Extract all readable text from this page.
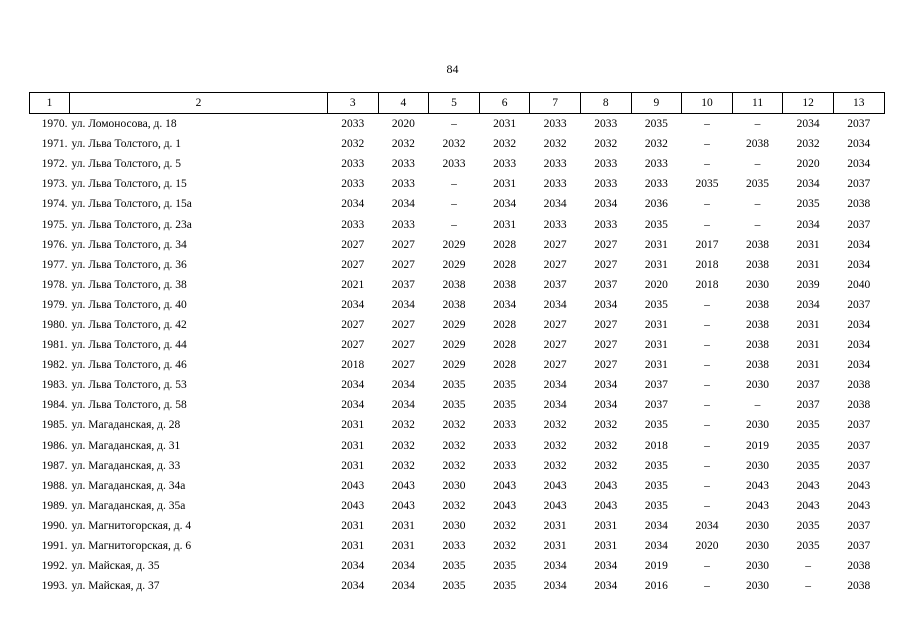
84
1	2	3	4	5	6	7	8	9	10	11	12	13
1970.	ул. Ломоносова, д. 18	2033	2020	–	2031	2033	2033	2035	–	–	2034	2037
1971.	ул. Льва Толстого, д. 1	2032	2032	2032	2032	2032	2032	2032	–	2038	2032	2034
1972.	ул. Льва Толстого, д. 5	2033	2033	2033	2033	2033	2033	2033	–	–	2020	2034
1973.	ул. Льва Толстого, д. 15	2033	2033	–	2031	2033	2033	2033	2035	2035	2034	2037
1974.	ул. Льва Толстого, д. 15а	2034	2034	–	2034	2034	2034	2036	–	–	2035	2038
1975.	ул. Льва Толстого, д. 23а	2033	2033	–	2031	2033	2033	2035	–	–	2034	2037
1976.	ул. Льва Толстого, д. 34	2027	2027	2029	2028	2027	2027	2031	2017	2038	2031	2034
1977.	ул. Льва Толстого, д. 36	2027	2027	2029	2028	2027	2027	2031	2018	2038	2031	2034
1978.	ул. Льва Толстого, д. 38	2021	2037	2038	2038	2037	2037	2020	2018	2030	2039	2040
1979.	ул. Льва Толстого, д. 40	2034	2034	2038	2034	2034	2034	2035	–	2038	2034	2037
1980.	ул. Льва Толстого, д. 42	2027	2027	2029	2028	2027	2027	2031	–	2038	2031	2034
1981.	ул. Льва Толстого, д. 44	2027	2027	2029	2028	2027	2027	2031	–	2038	2031	2034
1982.	ул. Льва Толстого, д. 46	2018	2027	2029	2028	2027	2027	2031	–	2038	2031	2034
1983.	ул. Льва Толстого, д. 53	2034	2034	2035	2035	2034	2034	2037	–	2030	2037	2038
1984.	ул. Льва Толстого, д. 58	2034	2034	2035	2035	2034	2034	2037	–	–	2037	2038
1985.	ул. Магаданская, д. 28	2031	2032	2032	2033	2032	2032	2035	–	2030	2035	2037
1986.	ул. Магаданская, д. 31	2031	2032	2032	2033	2032	2032	2018	–	2019	2035	2037
1987.	ул. Магаданская, д. 33	2031	2032	2032	2033	2032	2032	2035	–	2030	2035	2037
1988.	ул. Магаданская, д. 34а	2043	2043	2030	2043	2043	2043	2035	–	2043	2043	2043
1989.	ул. Магаданская, д. 35а	2043	2043	2032	2043	2043	2043	2035	–	2043	2043	2043
1990.	ул. Магнитогорская, д. 4	2031	2031	2030	2032	2031	2031	2034	2034	2030	2035	2037
1991.	ул. Магнитогорская, д. 6	2031	2031	2033	2032	2031	2031	2034	2020	2030	2035	2037
1992.	ул. Майская, д. 35	2034	2034	2035	2035	2034	2034	2019	–	2030	–	2038
1993.	ул. Майская, д. 37	2034	2034	2035	2035	2034	2034	2016	–	2030	–	2038
